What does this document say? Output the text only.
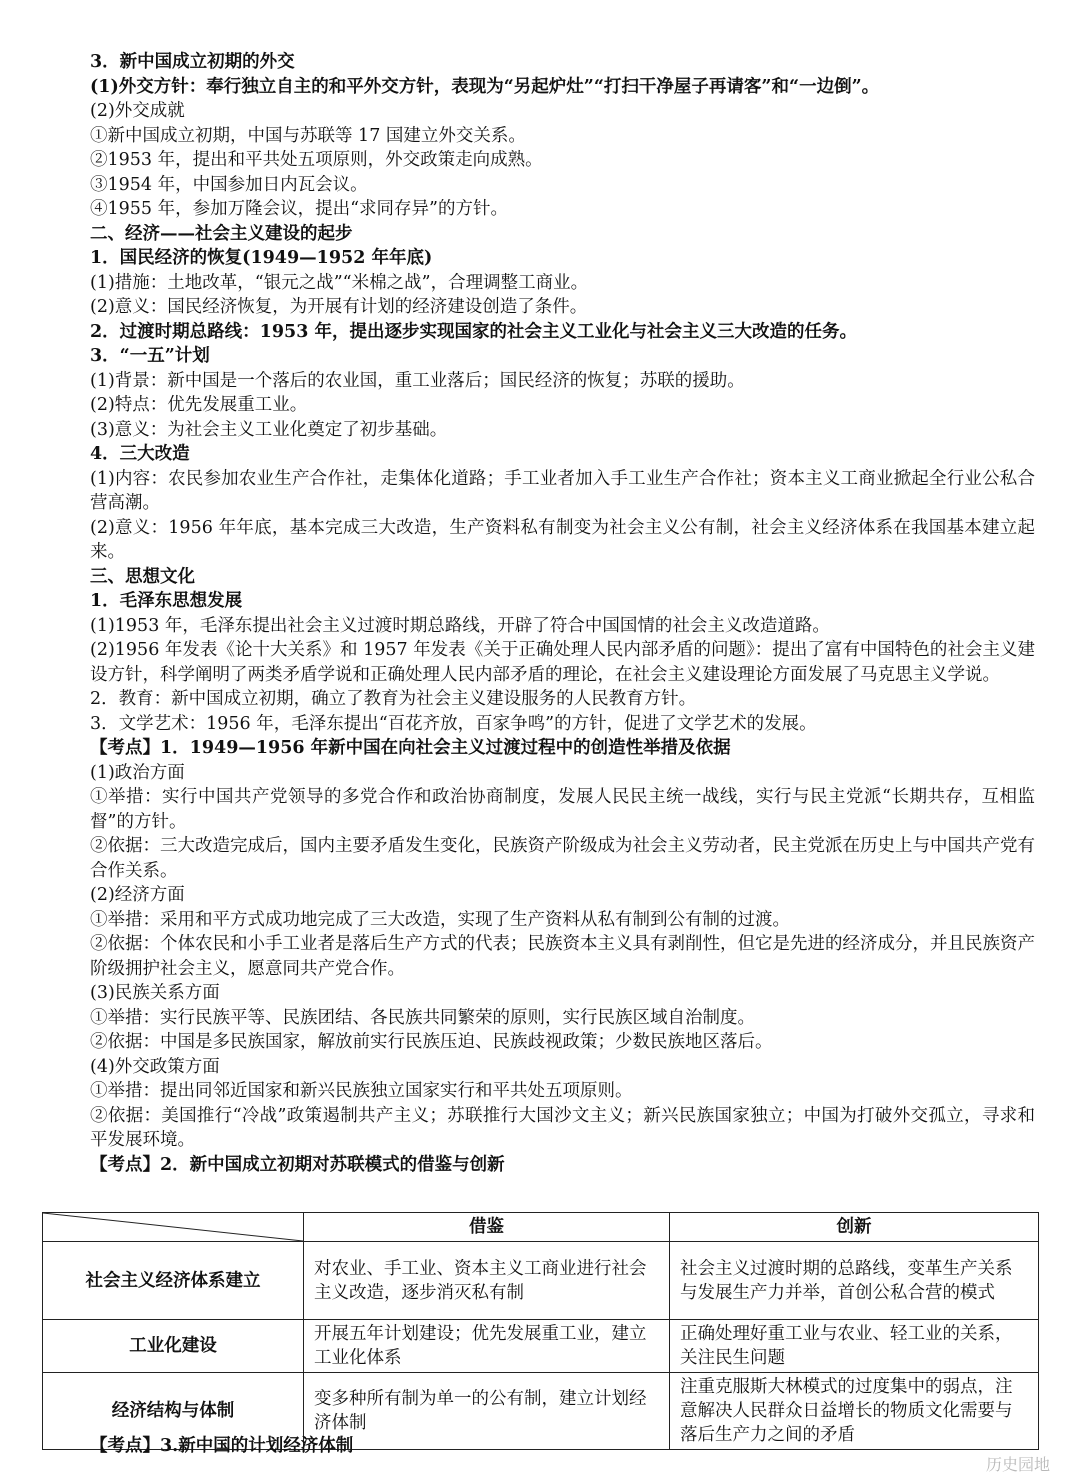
3．新中国成立初期的外交
(1)外交方针：奉行独立自主的和平外交方针，表现为“另起炉灶”“打扫干净屋子再请客”和“一边倒”。
(2)外交成就
①新中国成立初期，中国与苏联等 17 国建立外交关系。
②1953 年，提出和平共处五项原则，外交政策走向成熟。
③1954 年，中国参加日内瓦会议。
④1955 年，参加万隆会议，提出“求同存异”的方针。
二、经济——社会主义建设的起步
1．国民经济的恢复(1949—1952 年年底)
(1)措施：土地改革，“银元之战”“米棉之战”，合理调整工商业。
(2)意义：国民经济恢复，为开展有计划的经济建设创造了条件。
2．过渡时期总路线：1953 年，提出逐步实现国家的社会主义工业化与社会主义三大改造的任务。
3．“一五”计划
(1)背景：新中国是一个落后的农业国，重工业落后；国民经济的恢复；苏联的援助。
(2)特点：优先发展重工业。
(3)意义：为社会主义工业化奠定了初步基础。
4．三大改造
(1)内容：农民参加农业生产合作社，走集体化道路；手工业者加入手工业生产合作社；资本主义工商业掀起全行业公私合营高潮。
(2)意义：1956 年年底，基本完成三大改造，生产资料私有制变为社会主义公有制，社会主义经济体系在我国基本建立起来。
三、思想文化
1．毛泽东思想发展
(1)1953 年，毛泽东提出社会主义过渡时期总路线，开辟了符合中国国情的社会主义改造道路。
(2)1956 年发表《论十大关系》和 1957 年发表《关于正确处理人民内部矛盾的问题》：提出了富有中国特色的社会主义建设方针，科学阐明了两类矛盾学说和正确处理人民内部矛盾的理论，在社会主义建设理论方面发展了马克思主义学说。
2．教育：新中国成立初期，确立了教育为社会主义建设服务的人民教育方针。
3．文学艺术：1956 年，毛泽东提出“百花齐放，百家争鸣”的方针，促进了文学艺术的发展。
【考点】1．1949—1956 年新中国在向社会主义过渡过程中的创造性举措及依据
(1)政治方面
①举措：实行中国共产党领导的多党合作和政治协商制度，发展人民民主统一战线，实行与民主党派“长期共存，互相监督”的方针。
②依据：三大改造完成后，国内主要矛盾发生变化，民族资产阶级成为社会主义劳动者，民主党派在历史上与中国共产党有合作关系。
(2)经济方面
①举措：采用和平方式成功地完成了三大改造，实现了生产资料从私有制到公有制的过渡。
②依据：个体农民和小手工业者是落后生产方式的代表；民族资本主义具有剥削性，但它是先进的经济成分，并且民族资产阶级拥护社会主义，愿意同共产党合作。
(3)民族关系方面
①举措：实行民族平等、民族团结、各民族共同繁荣的原则，实行民族区域自治制度。
②依据：中国是多民族国家，解放前实行民族压迫、民族歧视政策；少数民族地区落后。
(4)外交政策方面
①举措：提出同邻近国家和新兴民族独立国家实行和平共处五项原则。
②依据：美国推行“冷战”政策遏制共产主义；苏联推行大国沙文主义；新兴民族国家独立；中国为打破外交孤立，寻求和平发展环境。
【考点】2．新中国成立初期对苏联模式的借鉴与创新
	借鉴	创新
社会主义经济体系建立	对农业、手工业、资本主义工商业进行社会主义改造，逐步消灭私有制	社会主义过渡时期的总路线，变革生产关系与发展生产力并举，首创公私合营的模式
工业化建设	开展五年计划建设；优先发展重工业，建立工业化体系	正确处理好重工业与农业、轻工业的关系，关注民生问题
经济结构与体制	变多种所有制为单一的公有制，建立计划经济体制	注重克服斯大林模式的过度集中的弱点，注意解决人民群众日益增长的物质文化需要与落后生产力之间的矛盾
【考点】3.新中国的计划经济体制
历史园地
